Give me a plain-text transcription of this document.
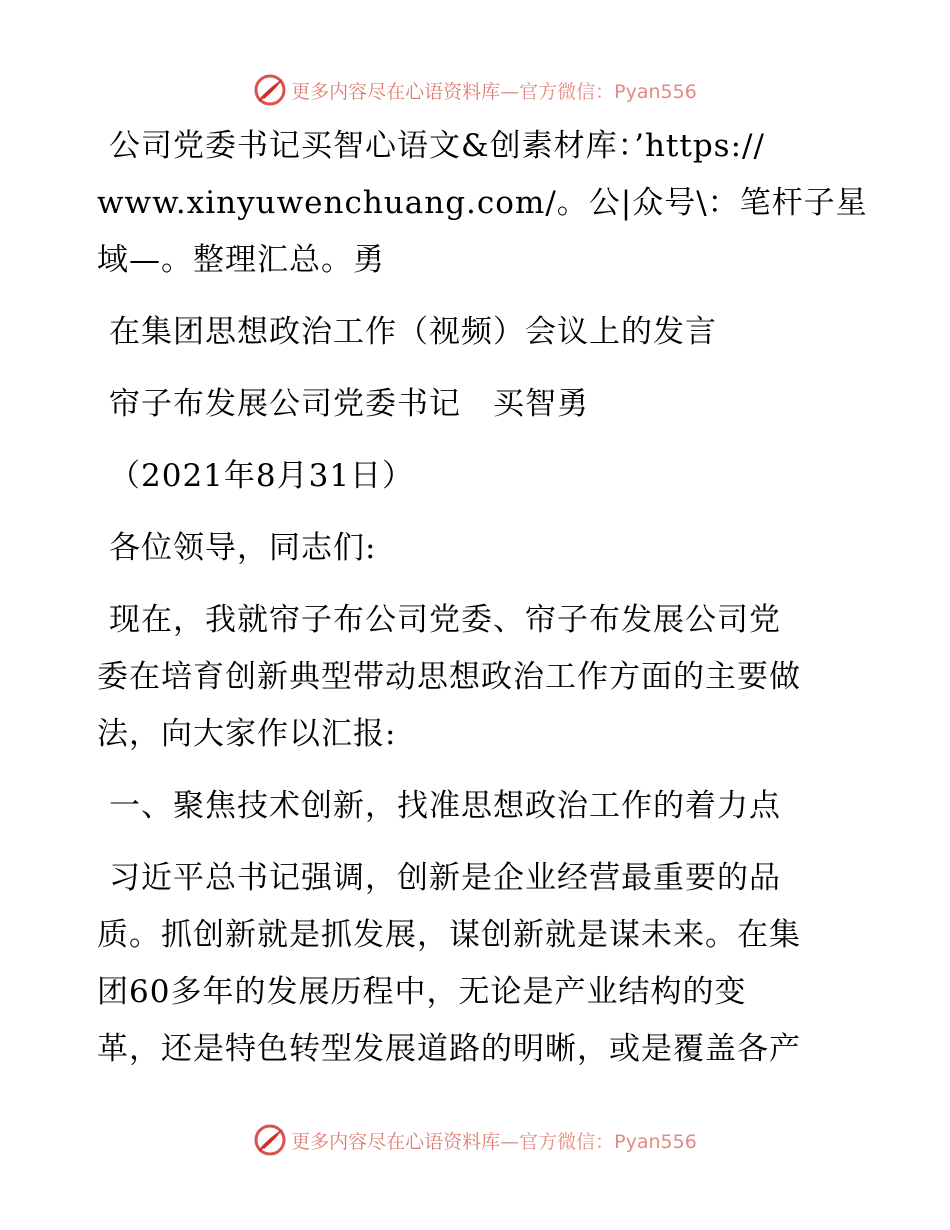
更多内容尽在心语资料库—官方微信：Pyan556

公司党委书记买智心语文&创素材库：’https://

www.xinyuwenchuang.com/。公|众号\：笔杆子星

域—。整理汇总。勇

在集团思想政治工作（视频）会议上的发言

帘子布发展公司党委书记　买智勇

（2021年8月31日）

各位领导，同志们:

现在，我就帘子布公司党委、帘子布发展公司党

委在培育创新典型带动思想政治工作方面的主要做

法，向大家作以汇报:

一、聚焦技术创新，找准思想政治工作的着力点

习近平总书记强调，创新是企业经营最重要的品

质。抓创新就是抓发展，谋创新就是谋未来。在集

团60多年的发展历程中，无论是产业结构的变

革，还是特色转型发展道路的明晰，或是覆盖各产

更多内容尽在心语资料库—官方微信：Pyan556
